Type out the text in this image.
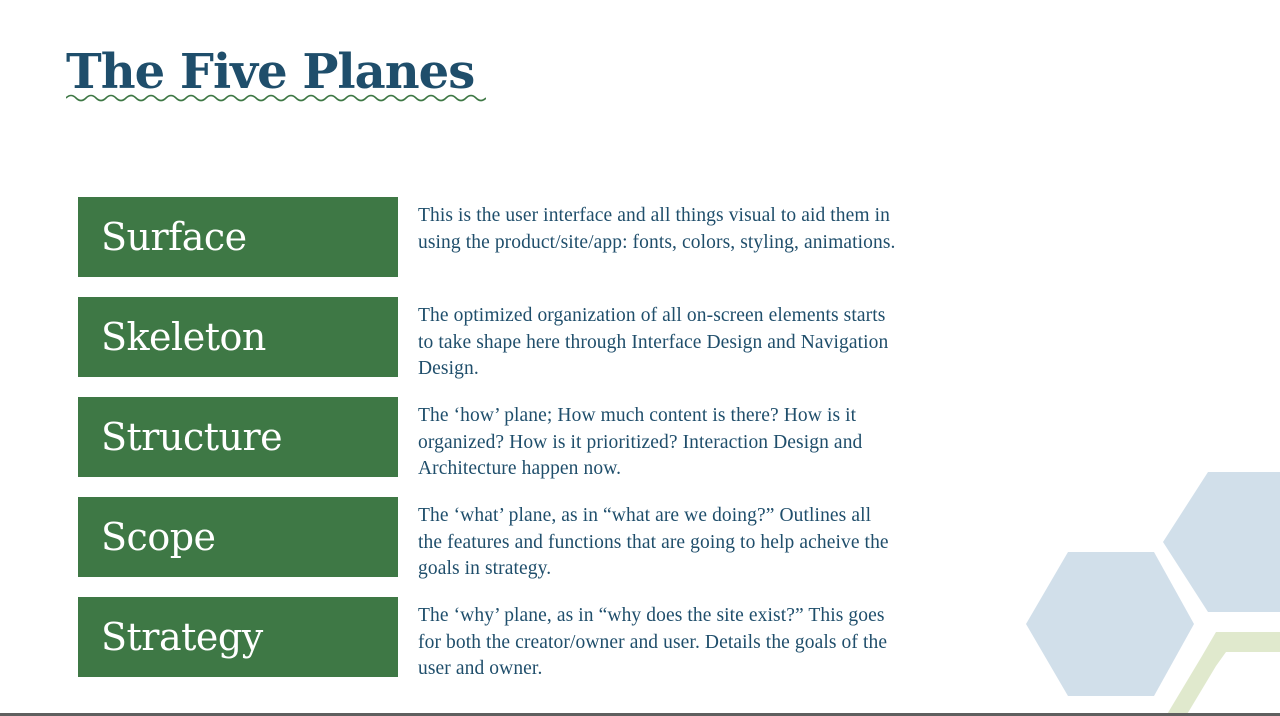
The Five Planes
Surface	This is the user interface and all things visual to aid them in using the product/site/app: fonts, colors, styling, animations.
Skeleton	The optimized organization of all on-screen elements starts to take shape here through Interface Design and Navigation Design.
Structure	The ‘how’ plane; How much content is there? How is it organized? How is it prioritized? Interaction Design and Architecture happen now.
Scope	The ‘what’ plane, as in “what are we doing?” Outlines all the features and functions that are going to help acheive the goals in strategy.
Strategy	The ‘why’ plane, as in “why does the site exist?” This goes for both the creator/owner and user. Details the goals of the user and owner.
